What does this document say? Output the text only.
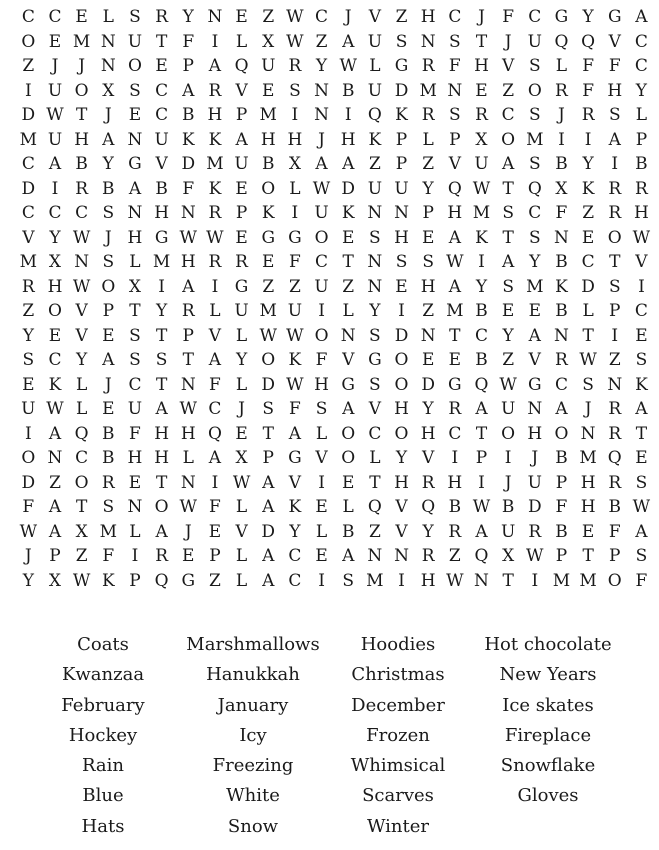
C C E L S R Y N E Z W C J	V Z H C J	F C G Y G A
O E M N U T F	I	L X W Z A U S N S T	J U Q Q V C
Z	J	J N O E P A Q U R Y W L G R F H V S L F F C
I U O X S C A R V E S N B U D M N E Z O R F H Y
D W T	J	E C B H P M I N I Q K R S R C S	J R S L
M U H A N U K K A H H J H K P L P X O M I	I	A P
C A B Y G V D M U B X A A Z P Z V U A S B Y	I	B
D I R B A B F K E O L W D U U Y Q W T Q X K R R
C C C S N H N R P K I U K N N P H M S C F Z R H
V Y W J H G W W E G G O E S H E A K T S N E O W
M X N S L M H R R E F C T N S S W I	A Y B C T V
R H W O X	I	A	I G Z Z U Z N E H A Y S M K D S	I
Z O V P T Y R L U M U I	L Y	I	Z M B E E B L P C
Y E V E S T P V L W W O N S D N T C Y A N T	I	E
S C Y A S S T A Y O K F V G O E E B Z V R W Z S
E K L	J C T N F L D W H G S O D G Q W G C S N K
U W L E U A W C J	S F S A V H Y R A U N A	J R A
I	A Q B F H H Q E T A L O C O H C T O H O N R T
O N C B H H L A X P G V O L Y V	I	P	I	J	B M Q E
D Z O R E T N I W A V	I	E T H R H I	J U P H R S
F A T S N O W F L A K E L Q V Q B W B D F H B W
W A X M L A	J	E V D Y L B Z V Y R A U R B E F A
J	P Z F	I R E P L A C E A N N R Z Q X W P T P S
Y X W K P Q G Z L A C I	S M I H W N T	I M M O F
Coats	Marshmallows	Hoodies	Hot chocolate
Kwanzaa	Hanukkah	Christmas	New Years
February	January	December	Ice skates
Hockey	Icy	Frozen	Fireplace
Rain	Freezing	Whimsical	Snowflake
Blue	White	Scarves	Gloves
Hats	Snow	Winter
